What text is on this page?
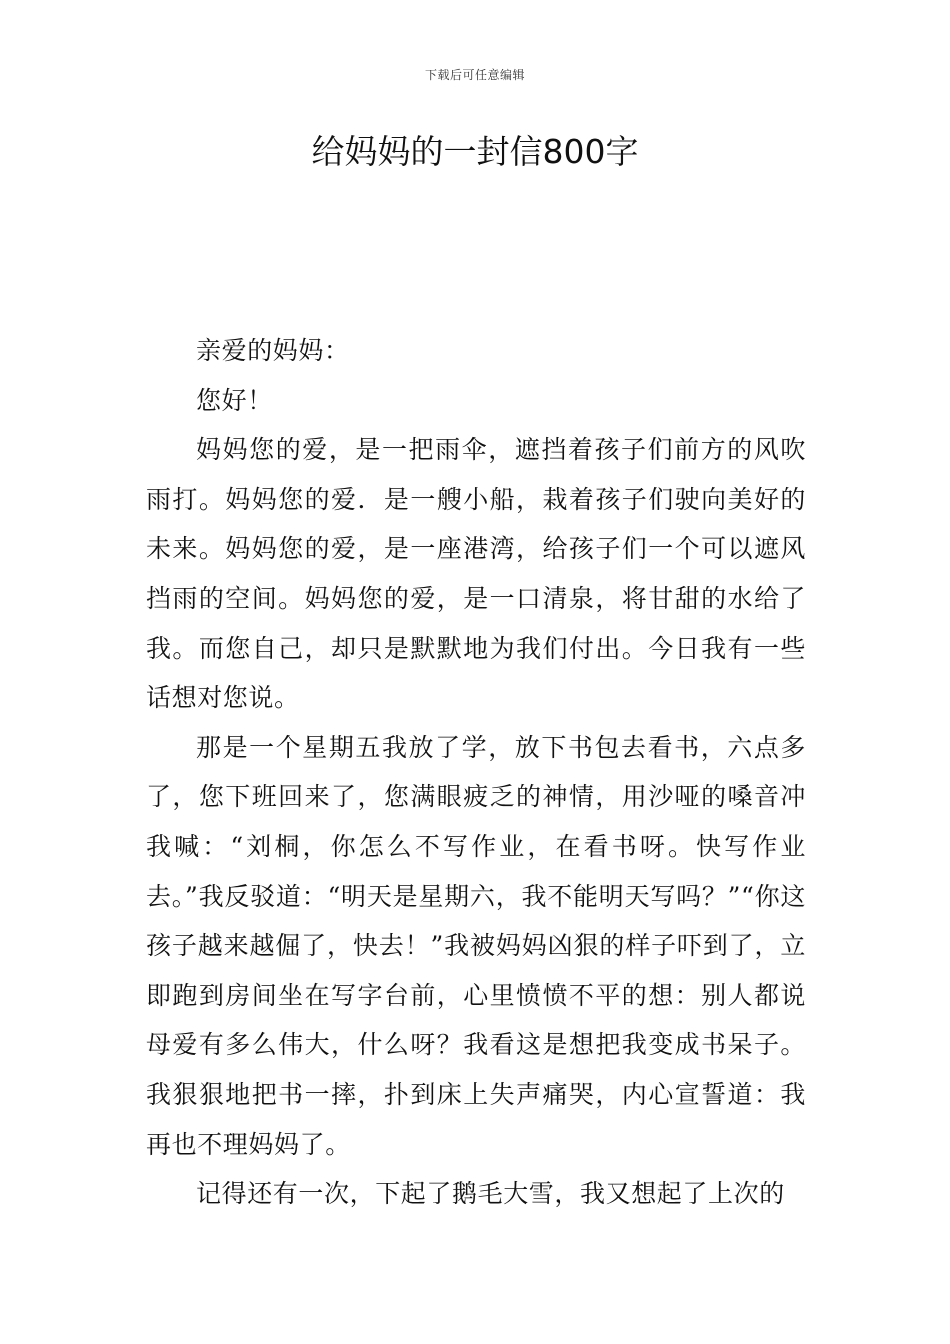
下载后可任意编辑
给妈妈的一封信800字

亲爱的妈妈：

您好！

妈妈您的爱，是一把雨伞，遮挡着孩子们前方的风吹雨打。妈妈您的爱．是一艘小船，栽着孩子们驶向美好的未来。妈妈您的爱，是一座港湾，给孩子们一个可以遮风挡雨的空间。妈妈您的爱，是一口清泉，将甘甜的水给了我。而您自己，却只是默默地为我们付出。今日我有一些话想对您说。

那是一个星期五我放了学，放下书包去看书，六点多了，您下班回来了，您满眼疲乏的神情，用沙哑的嗓音冲我喊：“刘桐，你怎么不写作业，在看书呀。快写作业去。”我反驳道：“明天是星期六，我不能明天写吗？”“你这孩子越来越倔了，快去！”我被妈妈凶狠的样子吓到了，立即跑到房间坐在写字台前，心里愤愤不平的想：别人都说母爱有多么伟大，什么呀？我看这是想把我变成书呆子。我狠狠地把书一摔，扑到床上失声痛哭，内心宣誓道：我再也不理妈妈了。

记得还有一次，下起了鹅毛大雪，我又想起了上次的
